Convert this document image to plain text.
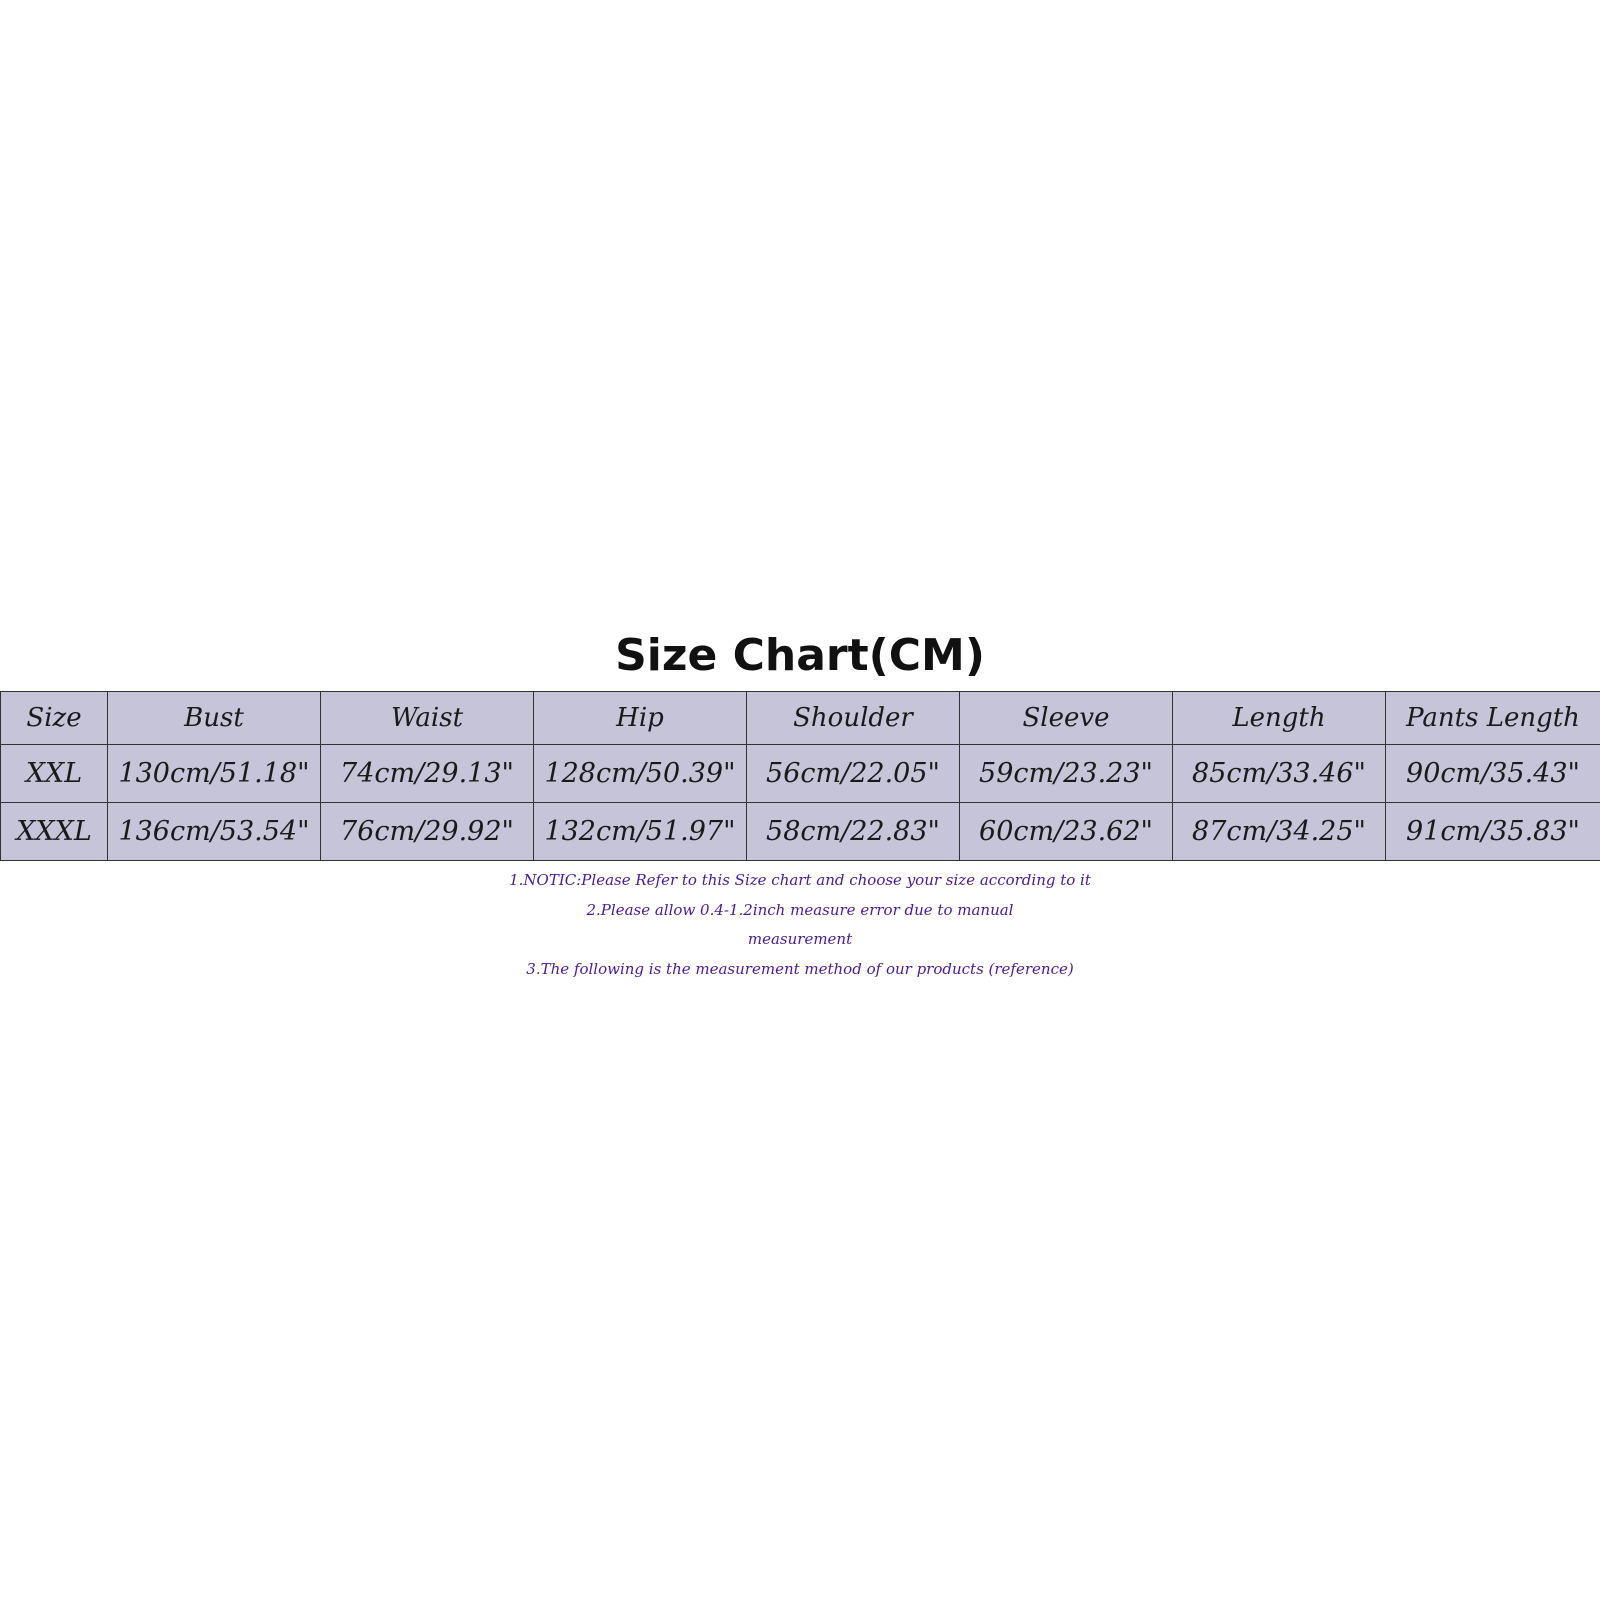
Size Chart(CM)
Size	Bust	Waist	Hip	Shoulder	Sleeve	Length	Pants Length
XXL	130cm/51.18"	74cm/29.13"	128cm/50.39"	56cm/22.05"	59cm/23.23"	85cm/33.46"	90cm/35.43"
XXXL	136cm/53.54"	76cm/29.92"	132cm/51.97"	58cm/22.83"	60cm/23.62"	87cm/34.25"	91cm/35.83"
1.NOTIC:Please Refer to this Size chart and choose your size according to it
2.Please allow 0.4-1.2inch measure error due to manual
measurement
3.The following is the measurement method of our products (reference)
